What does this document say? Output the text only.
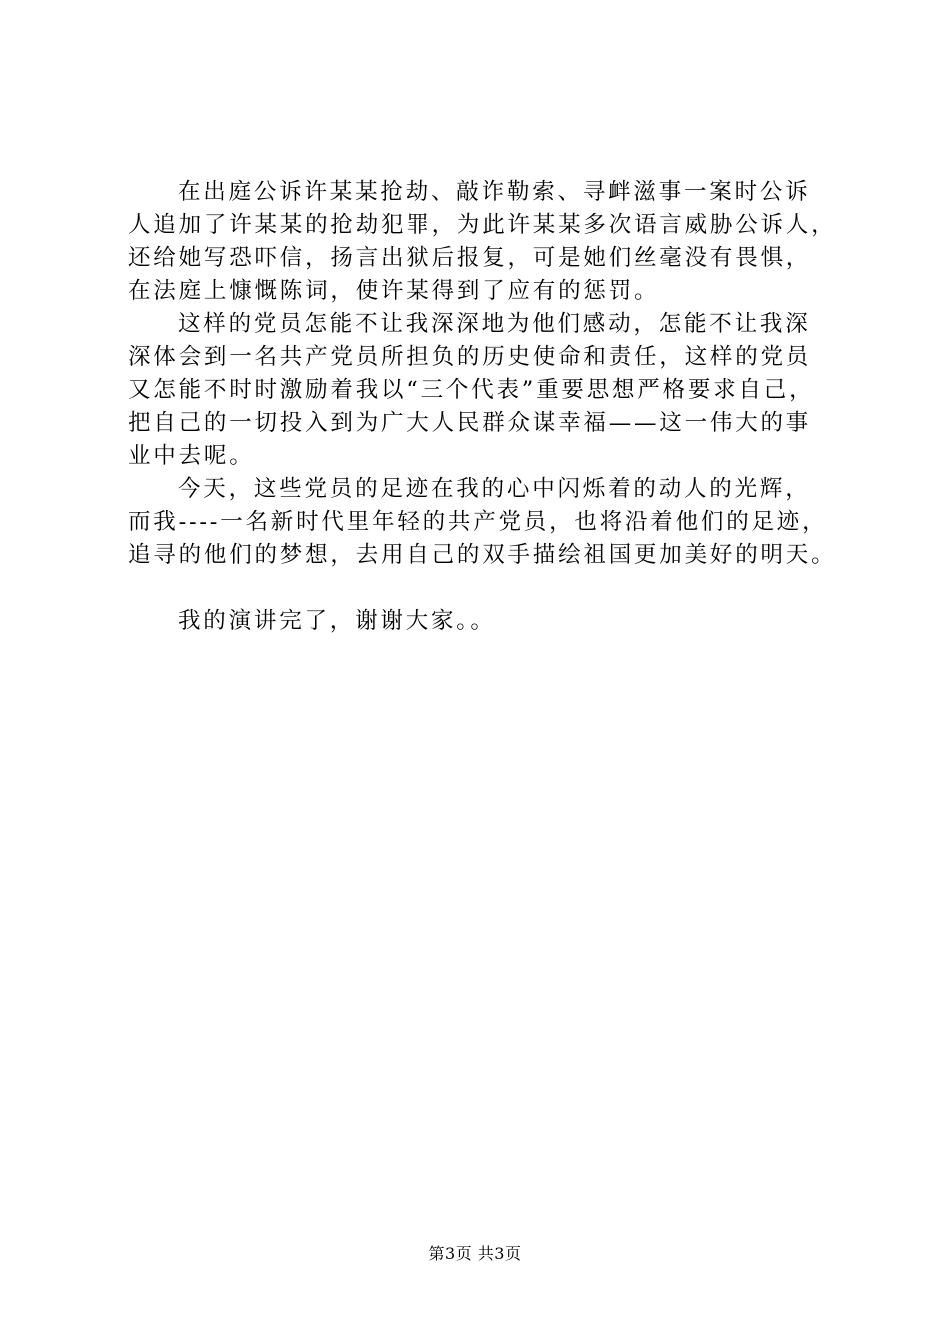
在出庭公诉许某某抢劫、敲诈勒索、寻衅滋事一案时公诉
人追加了许某某的抢劫犯罪，为此许某某多次语言威胁公诉人，
还给她写恐吓信，扬言出狱后报复，可是她们丝毫没有畏惧，
在法庭上慷慨陈词，使许某得到了应有的惩罚。
这样的党员怎能不让我深深地为他们感动，怎能不让我深
深体会到一名共产党员所担负的历史使命和责任，这样的党员
又怎能不时时激励着我以“三个代表”重要思想严格要求自己，
把自己的一切投入到为广大人民群众谋幸福——这一伟大的事
业中去呢。
今天，这些党员的足迹在我的心中闪烁着的动人的光辉，
而我----一名新时代里年轻的共产党员，也将沿着他们的足迹，
追寻的他们的梦想，去用自己的双手描绘祖国更加美好的明天。
我的演讲完了，谢谢大家。。
第3页 共3页
